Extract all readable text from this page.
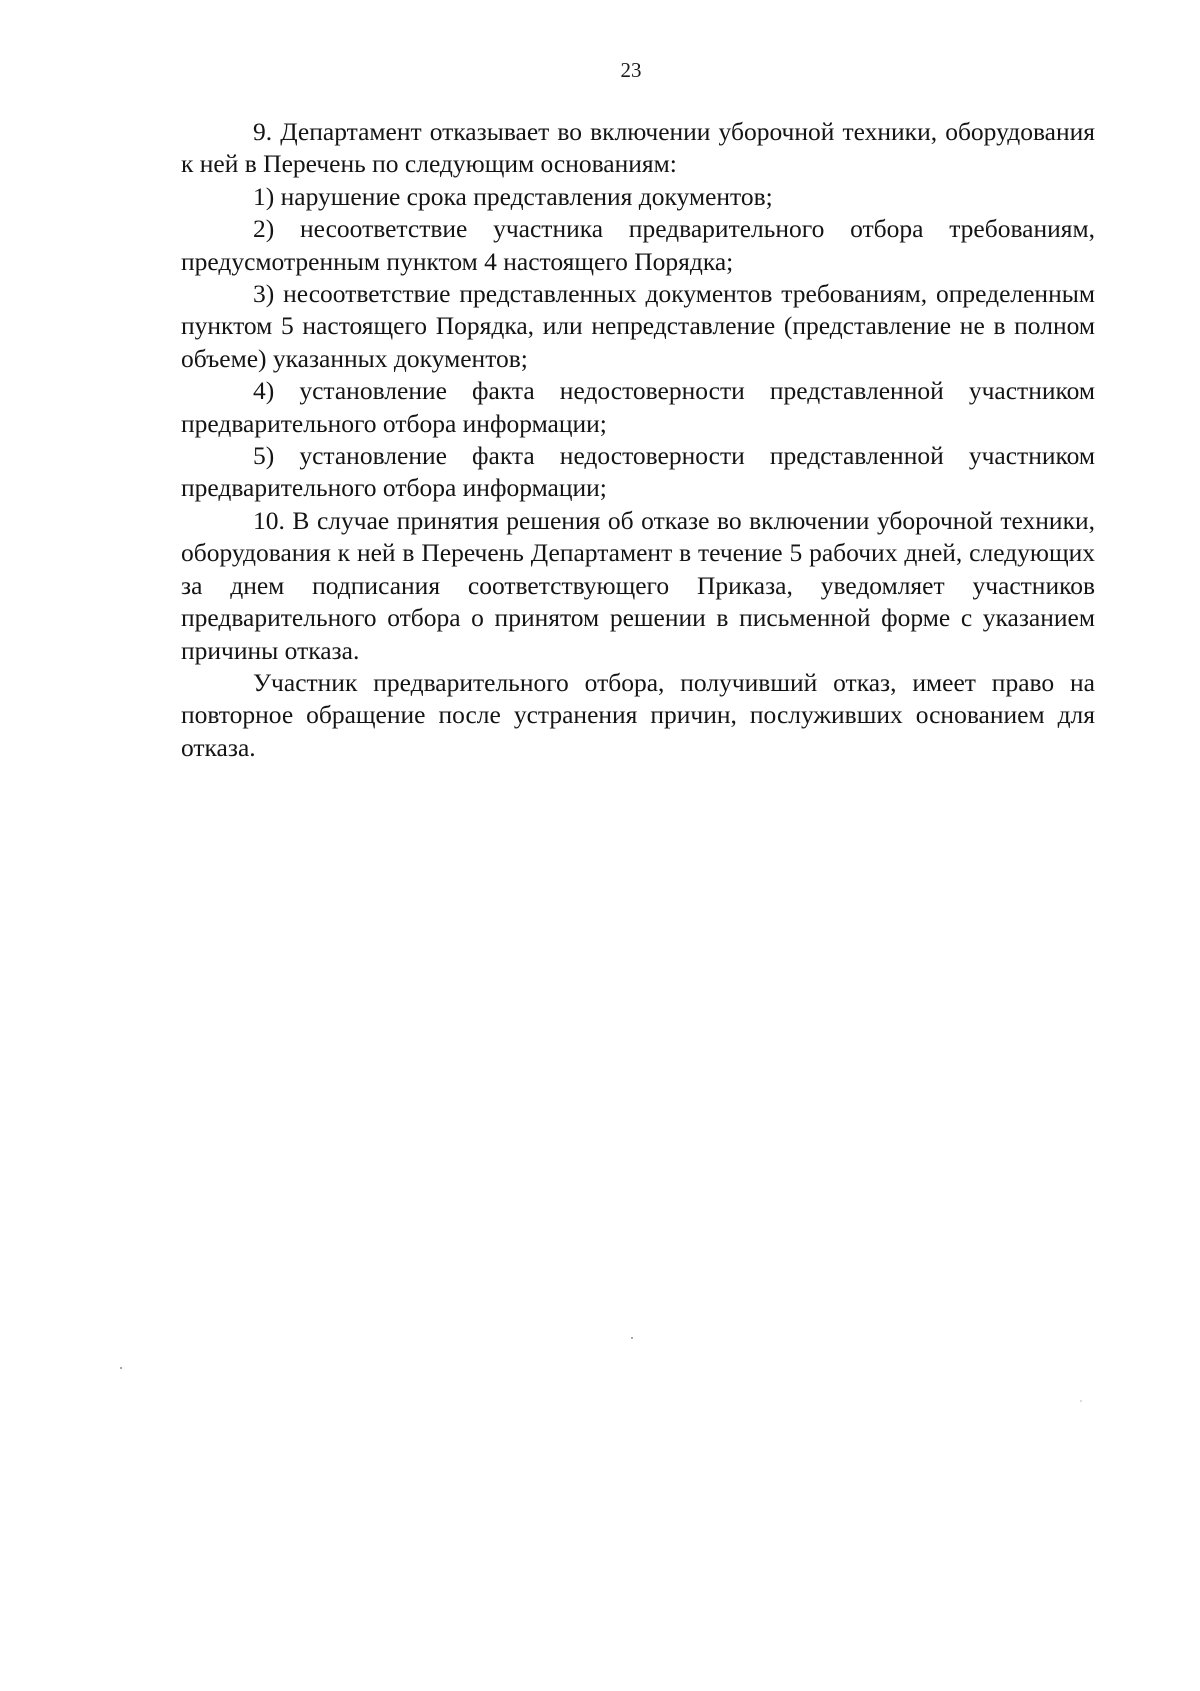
23

9. Департамент отказывает во включении уборочной техники, оборудования к ней в Перечень по следующим основаниям:

1) нарушение срока представления документов;

2) несоответствие участника предварительного отбора требованиям, предусмотренным пунктом 4 настоящего Порядка;

3) несоответствие представленных документов требованиям, определенным пунктом 5 настоящего Порядка, или непредставление (представление не в полном объеме) указанных документов;

4) установление факта недостоверности представленной участником предварительного отбора информации;

5) установление факта недостоверности представленной участником предварительного отбора информации;

10. В случае принятия решения об отказе во включении уборочной техники, оборудования к ней в Перечень Департамент в течение 5 рабочих дней, следующих за днем подписания соответствующего Приказа, уведомляет участников предварительного отбора о принятом решении в письменной форме с указанием причины отказа.

Участник предварительного отбора, получивший отказ, имеет право на повторное обращение после устранения причин, послуживших основанием для отказа.
